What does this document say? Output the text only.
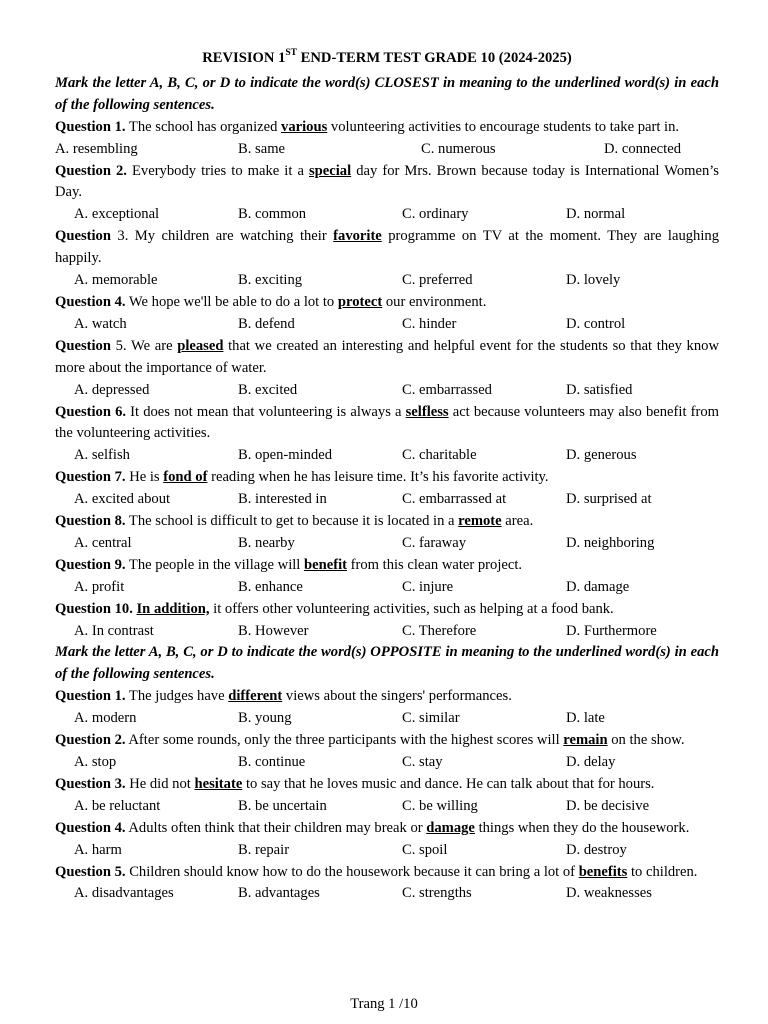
REVISION 1ST END-TERM TEST GRADE 10 (2024-2025)
Mark the letter A, B, C, or D to indicate the word(s) CLOSEST in meaning to the underlined word(s) in each of the following sentences.
Question 1. The school has organized various volunteering activities to encourage students to take part in.
A. resembling	B. same	C. numerous	D. connected
Question 2. Everybody tries to make it a special day for Mrs. Brown because today is International Women’s Day.
A. exceptional	B. common	C. ordinary	D. normal
Question 3. My children are watching their favorite programme on TV at the moment. They are laughing happily.
A. memorable	B. exciting	C. preferred	D. lovely
Question 4. We hope we'll be able to do a lot to protect our environment.
A. watch	B. defend	C. hinder	D. control
Question 5. We are pleased that we created an interesting and helpful event for the students so that they know more about the importance of water.
A. depressed	B. excited	C. embarrassed	D. satisfied
Question 6. It does not mean that volunteering is always a selfless act because volunteers may also benefit from the volunteering activities.
A. selfish	B. open-minded	C. charitable	D. generous
Question 7. He is fond of reading when he has leisure time. It’s his favorite activity.
A. excited about	B. interested in	C. embarrassed at	D. surprised at
Question 8. The school is difficult to get to because it is located in a remote area.
A. central	B. nearby	C. faraway	D. neighboring
Question 9. The people in the village will benefit from this clean water project.
A. profit	B. enhance	C. injure	D. damage
Question 10. In addition, it offers other volunteering activities, such as helping at a food bank.
A. In contrast	B. However	C. Therefore	D. Furthermore
Mark the letter A, B, C, or D to indicate the word(s) OPPOSITE in meaning to the underlined word(s) in each of the following sentences.
Question 1. The judges have different views about the singers' performances.
A. modern	B. young	C. similar	D. late
Question 2. After some rounds, only the three participants with the highest scores will remain on the show.
A. stop	B. continue	C. stay	D. delay
Question 3. He did not hesitate to say that he loves music and dance. He can talk about that for hours.
A. be reluctant	B. be uncertain	C. be willing	D. be decisive
Question 4. Adults often think that their children may break or damage things when they do the housework.
A. harm	B. repair	C. spoil	D. destroy
Question 5. Children should know how to do the housework because it can bring a lot of benefits to children.
A. disadvantages	B. advantages	C. strengths	D. weaknesses
Trang 1 /10
